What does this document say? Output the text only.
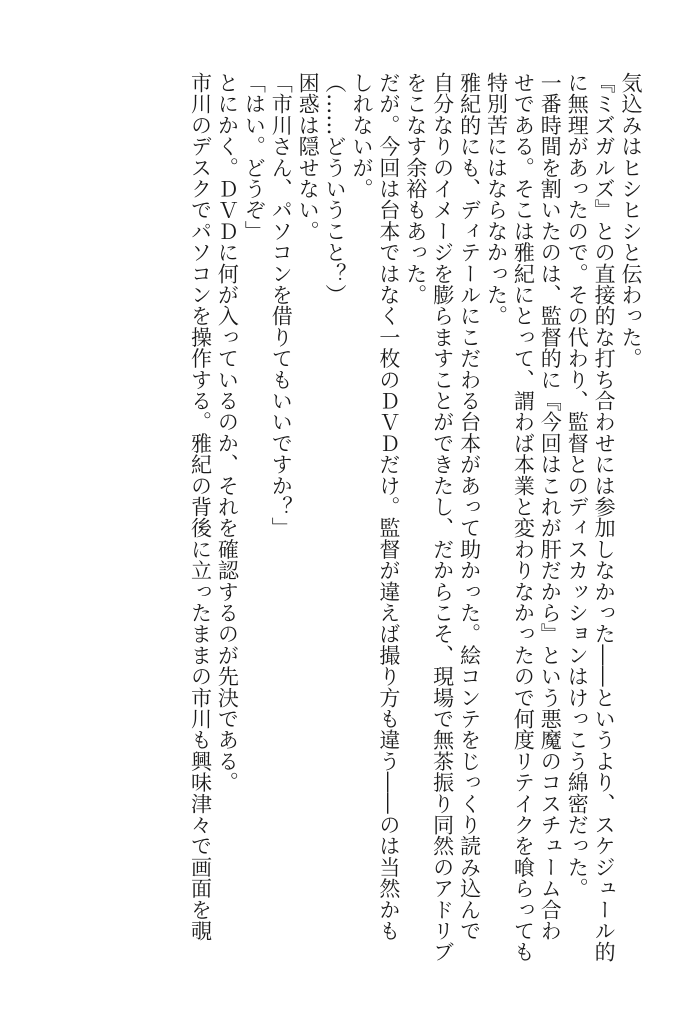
気込みはヒシヒシと伝わった。
『ミズガルズ』との直接的な打ち合わせには参加しなかった――というより、スケジュール的
に無理があったので。その代わり、監督とのディスカッションはけっこう綿密だった。
一番時間を割いたのは、監督的に『今回はこれが肝だから』という悪魔のコスチューム合わ
せである。そこは雅紀にとって、謂わば本業と変わりなかったので何度リテイクを喰らっても
特別苦にはならなかった。
雅紀的にも、ディテールにこだわる台本があって助かった。絵コンテをじっくり読み込んで
自分なりのイメージを膨らますことができたし、だからこそ、現場で無茶振り同然のアドリブ
をこなす余裕もあった。
だが。今回は台本ではなく一枚のＤＶＤだけ。監督が違えば撮り方も違う――のは当然かも
しれないが。
（……どういうこと？）
困惑は隠せない。
「市川さん、パソコンを借りてもいいですか？」
「はい。どうぞ」
とにかく。ＤＶＤに何が入っているのか、それを確認するのが先決である。
市川のデスクでパソコンを操作する。雅紀の背後に立ったままの市川も興味津々で画面を覗
